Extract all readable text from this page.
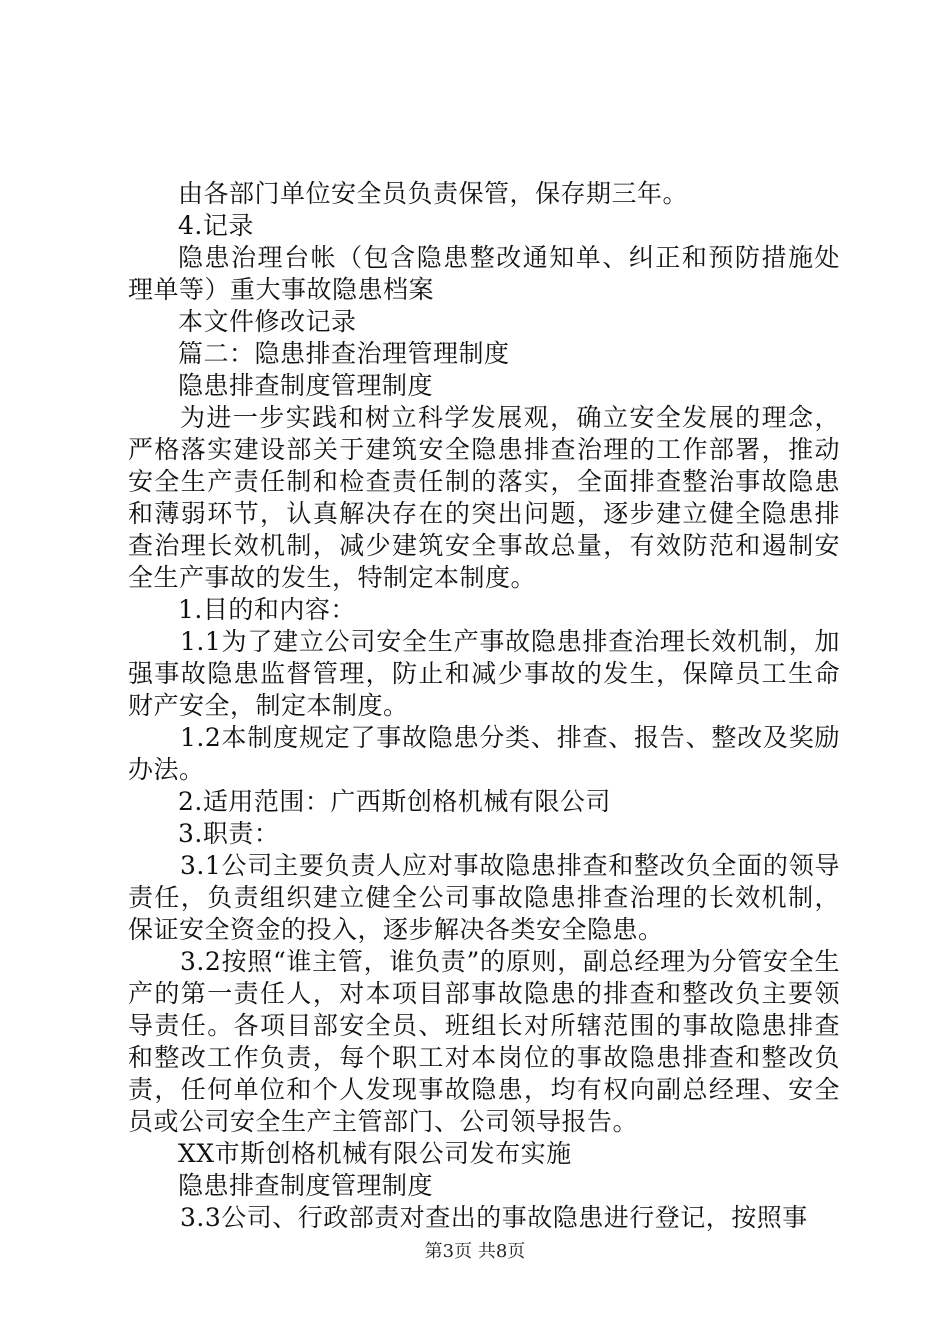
由各部门单位安全员负责保管，保存期三年。

4.记录

隐患治理台帐（包含隐患整改通知单、纠正和预防措施处理单等）重大事故隐患档案

本文件修改记录

篇二：隐患排查治理管理制度

隐患排查制度管理制度

为进一步实践和树立科学发展观，确立安全发展的理念，严格落实建设部关于建筑安全隐患排查治理的工作部署，推动安全生产责任制和检查责任制的落实，全面排查整治事故隐患和薄弱环节，认真解决存在的突出问题，逐步建立健全隐患排查治理长效机制，减少建筑安全事故总量，有效防范和遏制安全生产事故的发生，特制定本制度。

1.目的和内容：

1.1为了建立公司安全生产事故隐患排查治理长效机制，加强事故隐患监督管理，防止和减少事故的发生，保障员工生命财产安全，制定本制度。

1.2本制度规定了事故隐患分类、排查、报告、整改及奖励办法。

2.适用范围：广西斯创格机械有限公司

3.职责：

3.1公司主要负责人应对事故隐患排查和整改负全面的领导责任，负责组织建立健全公司事故隐患排查治理的长效机制，保证安全资金的投入，逐步解决各类安全隐患。

3.2按照“谁主管，谁负责”的原则，副总经理为分管安全生产的第一责任人，对本项目部事故隐患的排查和整改负主要领导责任。各项目部安全员、班组长对所辖范围的事故隐患排查和整改工作负责，每个职工对本岗位的事故隐患排查和整改负责，任何单位和个人发现事故隐患，均有权向副总经理、安全员或公司安全生产主管部门、公司领导报告。

XX市斯创格机械有限公司发布实施

隐患排查制度管理制度

3.3公司、行政部责对查出的事故隐患进行登记，按照事

第3页 共8页
